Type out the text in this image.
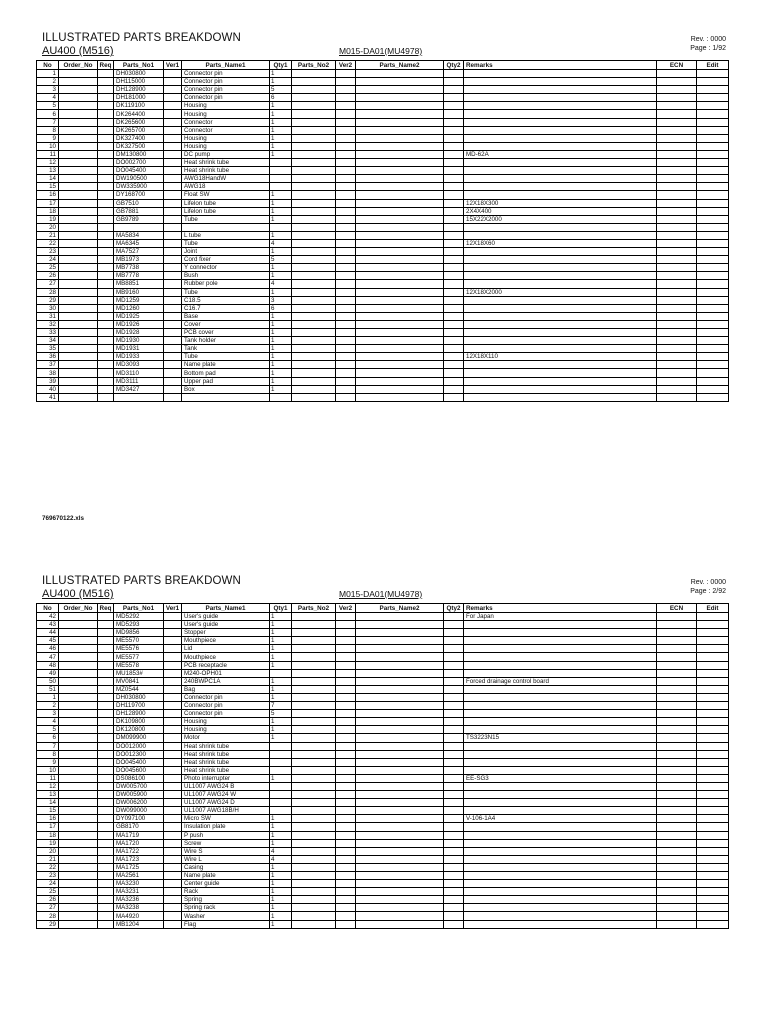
ILLUSTRATED PARTS BREAKDOWN
AU400 (M516)	M015-DA01(MU4978)
Rev. : 0000
Page : 1/92
No	Order_No	Req	Parts_No1	Ver1	Parts_Name1	Qty1	Parts_No2	Ver2	Parts_Name2	Qty2	Remarks	ECN	Edit
1			DH030800		Connector pin	1							
2			DH115000		Connector pin	1							
3			DH128900		Connector pin	5							
4			DH181000		Connector pin	6							
5			DK119100		Housing	1							
6			DK264400		Housing	1							
7			DK265600		Connector	1							
8			DK265700		Connector	1							
9			DK327400		Housing	1							
10			DK327500		Housing	1							
11			DM130800		DC pump	1					MD-62A		
12			DO002700		Heat shrink tube								
13			DO045400		Heat shrink tube								
14			DW190500		AWG18HandW								
15			DW335900		AWG18								
16			DY168700		Float SW	1							
17			GB7510		Lifelon tube	1					12X18X300		
18			GB7881		Lifelon tube	1					2X4X400		
19			GB9789		Tube	1					15X22X2000		
20													
21			MA5834		L tube	1							
22			MA6345		Tube	4					12X18X60		
23			MA7527		Joint	1							
24			MB1973		Cord fixer	5							
25			MB7738		Y connector	1							
26			MB7778		Bush	1							
27			MB8851		Rubber pole	4							
28			MB9160		Tube	1					12X18X2000		
29			MD1259		C18.5	3							
30			MD1260		C16.7	6							
31			MD1925		Base	1							
32			MD1926		Cover	1							
33			MD1928		PCB cover	1							
34			MD1930		Tank holder	1							
35			MD1931		Tank	1							
36			MD1933		Tube	1					12X18X110		
37			MD3093		Name plate	1							
38			MD3110		Bottom pad	1							
39			MD3111		Upper pad	1							
40			MD3427		Box	1							
41													
769670122.xls
ILLUSTRATED PARTS BREAKDOWN
AU400 (M516)	M015-DA01(MU4978)
Rev. : 0000
Page : 2/92
No	Order_No	Req	Parts_No1	Ver1	Parts_Name1	Qty1	Parts_No2	Ver2	Parts_Name2	Qty2	Remarks	ECN	Edit
42			MD5292		User's guide	1					For Japan		
43			MD5293		User's guide	1							
44			MD9856		Stopper	1							
45			ME5570		Mouthpiece	1							
46			ME5576		Lid	1							
47			ME5577		Mouthpiece	1							
48			ME5578		PCB receptacle	1							
49			MU1853#		M240-OPH01								
50			MV0841		240BWPC1A	1					Forced drainage control board		
51			MZ0544		Bag	1							
1			DH030800		Connector pin	1							
2			DH119700		Connector pin	7							
3			DH128900		Connector pin	5							
4			DK109800		Housing	1							
5			DK120800		Housing	1							
6			DM099900		Motor	1					TS3223N15		
7			DO012000		Heat shrink tube								
8			DO012300		Heat shrink tube								
9			DO045400		Heat shrink tube								
10			DO045600		Heat shrink tube								
11			DS086100		Photo interrupter	1					EE-SG3		
12			DW005700		UL1007 AWG24 B								
13			DW005900		UL1007 AWG24 W								
14			DW006200		UL1007 AWG24 D								
15			DW099000		UL1007 AWG18B/H								
16			DY097100		Micro SW	1					V-106-1A4		
17			GB8170		Insulation plate	1							
18			MA1719		P push	1							
19			MA1720		Screw	1							
20			MA1722		Wire S	4							
21			MA1723		Wire L	4							
22			MA1725		Casing	1							
23			MA2561		Name plate	1							
24			MA3230		Center guide	1							
25			MA3231		Rack	1							
26			MA3236		Spring	1							
27			MA3238		Spring rack	1							
28			MA4920		Washer	1							
29			MB1204		Flag	1							
